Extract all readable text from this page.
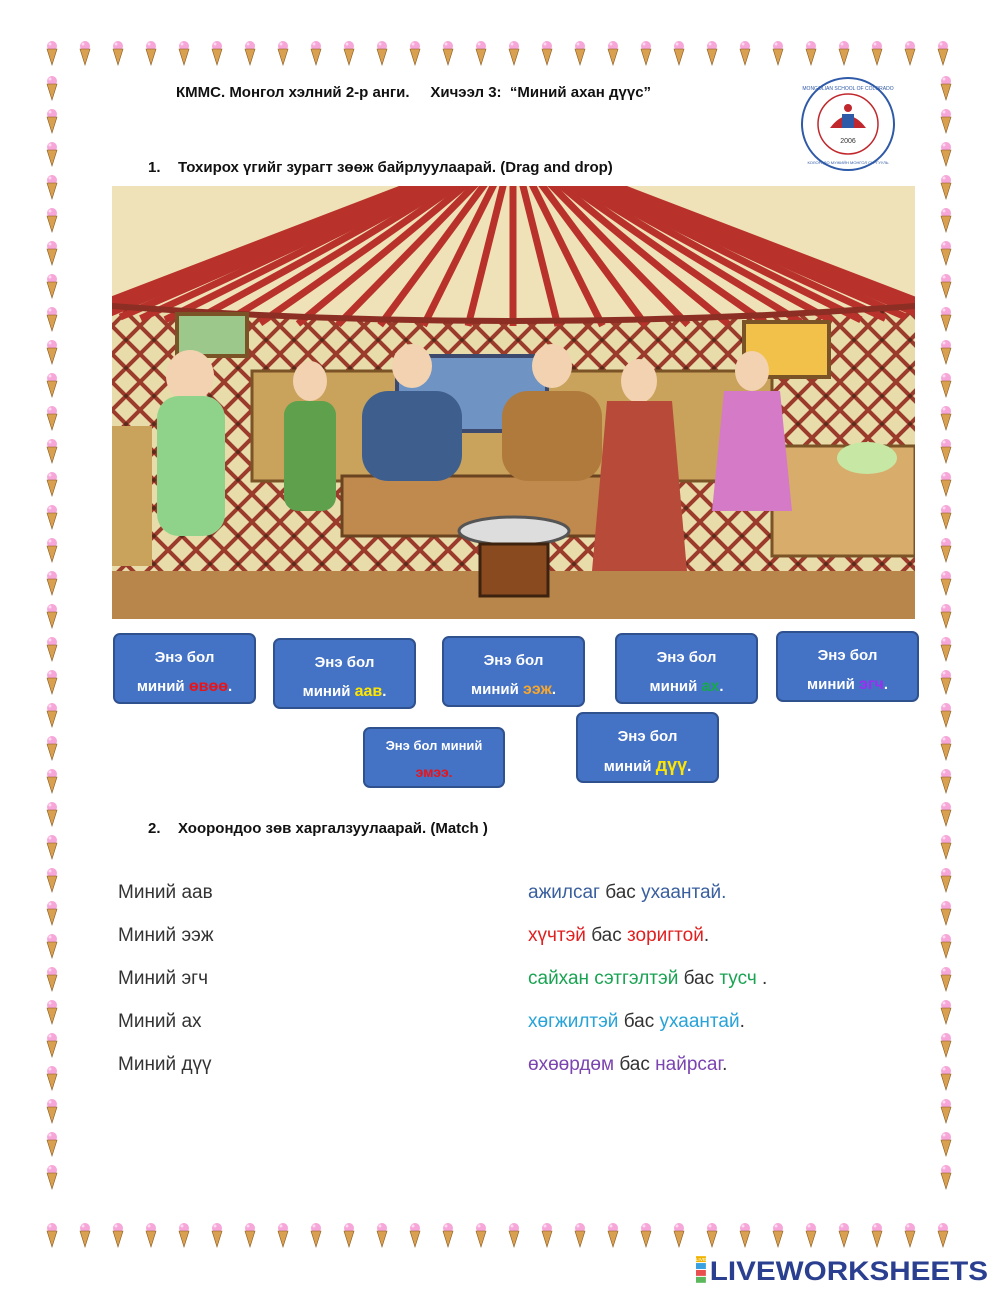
КММС. Монгол хэлний 2-р анги.     Хичээл 3:  “Миний ахан дүүс”
2006
MONGOLIAN SCHOOL OF COLORADO
КОЛОРАДО МУЖИЙН МОНГОЛ СУРГУУЛЬ
1. Тохирох үгийг зурагт зөөж байрлуулаарай. (Drag and drop)
Энэ бол
миний өвөө.
Энэ бол
миний аав.
Энэ бол
миний ээж.
Энэ бол
миний ах.
Энэ бол
миний эгч.
Энэ бол миний
эмээ.
Энэ бол
миний дүү.
2. Хоорондоо зөв харгалзуулаарай. (Match )
Миний аав
Миний ээж
Миний эгч
Миний ах
Миний дүү
ажилсаг бас ухаантай.
хүчтэй бас зоригтой.
сайхан сэтгэлтэй бас тусч .
хөгжилтэй бас ухаантай.
өхөөрдөм бас найрсаг.
LIVE LIVEWORKSHEETS
